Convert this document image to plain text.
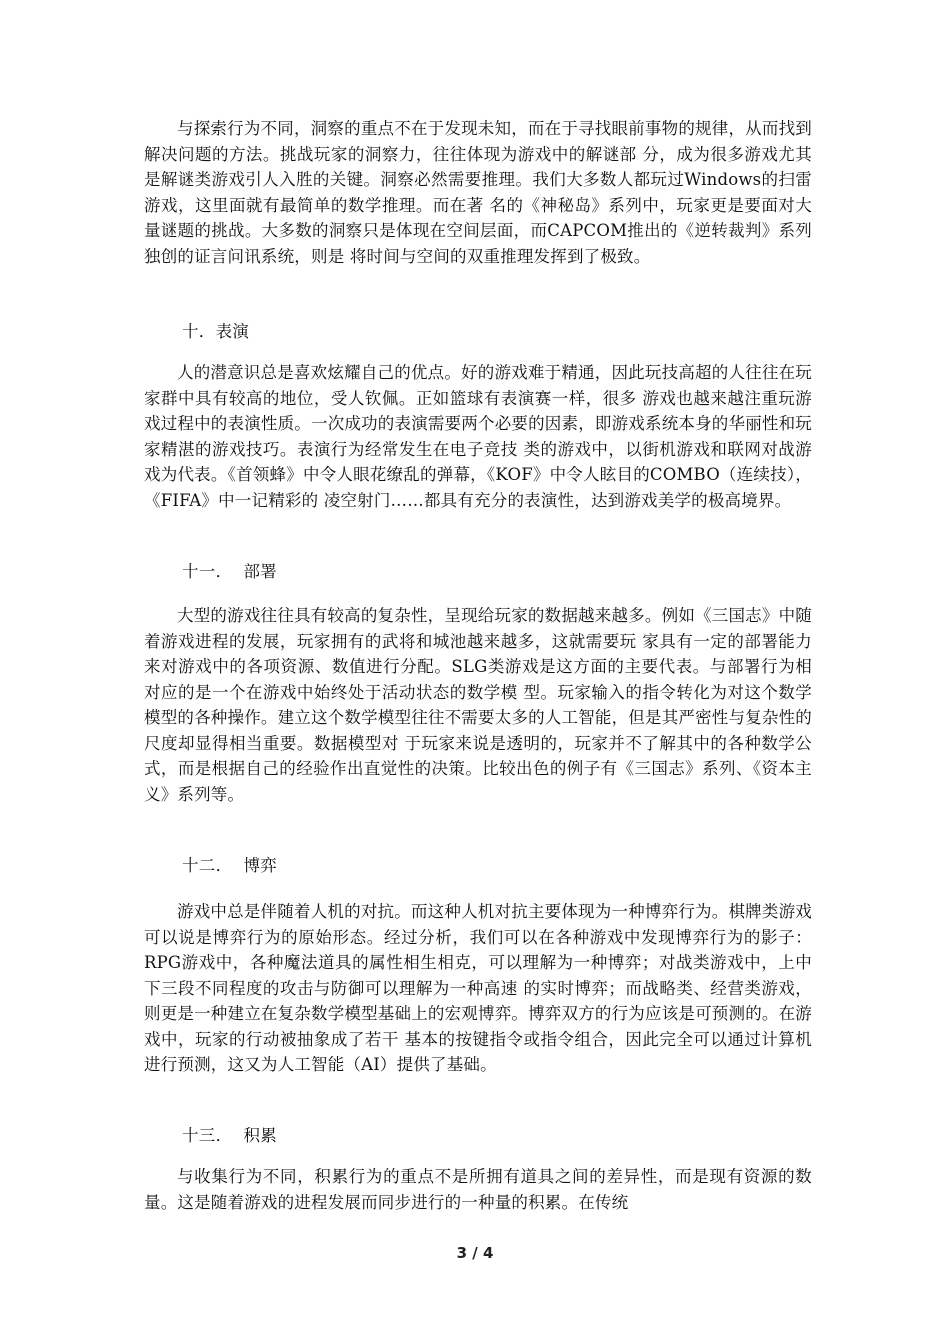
与探索行为不同，洞察的重点不在于发现未知，而在于寻找眼前事物的规律，从而找到解决问题的方法。挑战玩家的洞察力，往往体现为游戏中的解谜部 分，成为很多游戏尤其是解谜类游戏引人入胜的关键。洞察必然需要推理。我们大多数人都玩过Windows的扫雷游戏，这里面就有最简单的数学推理。而在著 名的《神秘岛》系列中，玩家更是要面对大量谜题的挑战。大多数的洞察只是体现在空间层面，而CAPCOM推出的《逆转裁判》系列独创的证言问讯系统，则是 将时间与空间的双重推理发挥到了极致。

十．表演

人的潜意识总是喜欢炫耀自己的优点。好的游戏难于精通，因此玩技高超的人往往在玩家群中具有较高的地位，受人钦佩。正如篮球有表演赛一样，很多 游戏也越来越注重玩游戏过程中的表演性质。一次成功的表演需要两个必要的因素，即游戏系统本身的华丽性和玩家精湛的游戏技巧。表演行为经常发生在电子竞技 类的游戏中，以街机游戏和联网对战游戏为代表。《首领蜂》中令人眼花缭乱的弹幕，《KOF》中令人眩目的COMBO（连续技），《FIFA》中一记精彩的 凌空射门……都具有充分的表演性，达到游戏美学的极高境界。

十一．  部署

大型的游戏往往具有较高的复杂性，呈现给玩家的数据越来越多。例如《三国志》中随着游戏进程的发展，玩家拥有的武将和城池越来越多，这就需要玩 家具有一定的部署能力来对游戏中的各项资源、数值进行分配。SLG类游戏是这方面的主要代表。与部署行为相对应的是一个在游戏中始终处于活动状态的数学模 型。玩家输入的指令转化为对这个数学模型的各种操作。建立这个数学模型往往不需要太多的人工智能，但是其严密性与复杂性的尺度却显得相当重要。数据模型对 于玩家来说是透明的，玩家并不了解其中的各种数学公式，而是根据自己的经验作出直觉性的决策。比较出色的例子有《三国志》系列、《资本主义》系列等。

十二．  博弈

游戏中总是伴随着人机的对抗。而这种人机对抗主要体现为一种博弈行为。棋牌类游戏可以说是博弈行为的原始形态。经过分析，我们可以在各种游戏中发现博弈行为的影子：RPG游戏中，各种魔法道具的属性相生相克，可以理解为一种博弈；对战类游戏中，上中下三段不同程度的攻击与防御可以理解为一种高速 的实时博弈；而战略类、经营类游戏，则更是一种建立在复杂数学模型基础上的宏观博弈。博弈双方的行为应该是可预测的。在游戏中，玩家的行动被抽象成了若干 基本的按键指令或指令组合，因此完全可以通过计算机进行预测，这又为人工智能（AI）提供了基础。

十三．  积累

与收集行为不同，积累行为的重点不是所拥有道具之间的差异性，而是现有资源的数量。这是随着游戏的进程发展而同步进行的一种量的积累。在传统

3 / 4
